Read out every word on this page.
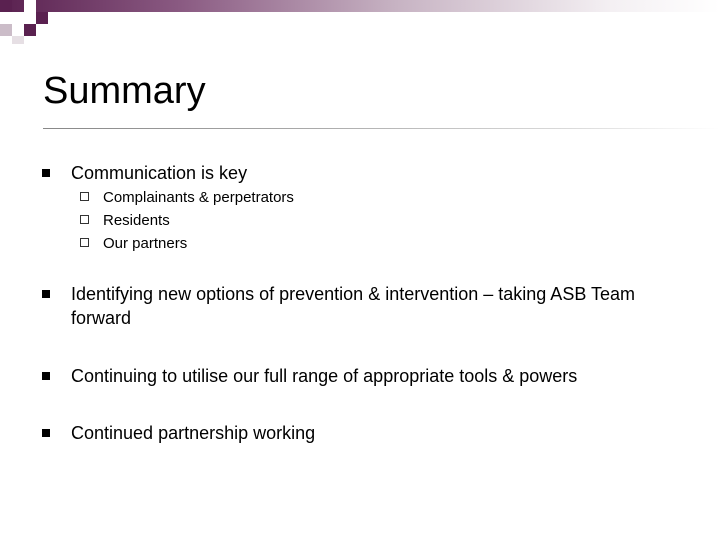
Summary
Communication is key
Complainants & perpetrators
Residents
Our partners
Identifying new options of prevention & intervention – taking ASB Team forward
Continuing to utilise our full range of appropriate tools & powers
Continued partnership working
